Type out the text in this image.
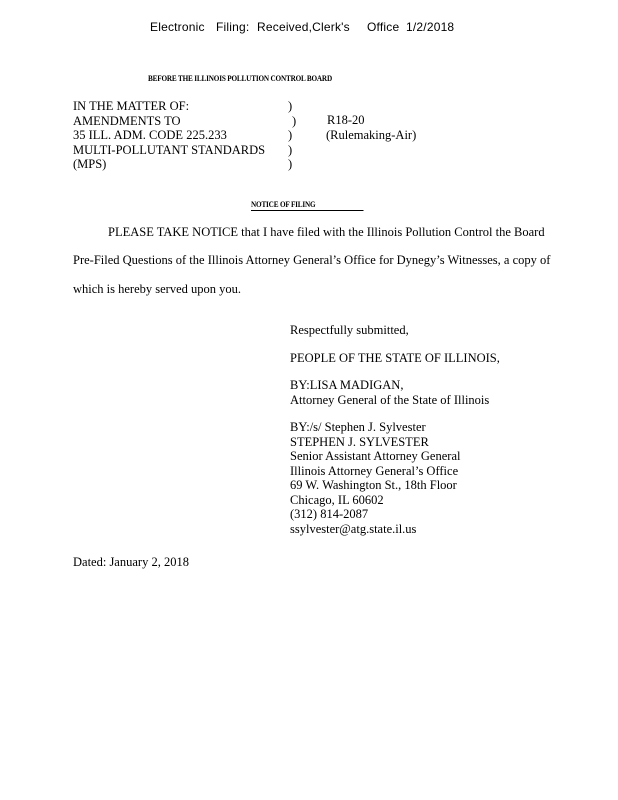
Electronic Filing: Received,Clerk's Office 1/2/2018
BEFORE THE ILLINOIS POLLUTION CONTROL BOARD
IN THE MATTER OF:
AMENDMENTS TO
35 ILL. ADM. CODE 225.233
MULTI-POLLUTANT STANDARDS
(MPS)
)
)
)
)
)
R18-20
(Rulemaking-Air)
NOTICE OF FILING
PLEASE TAKE NOTICE that I have filed with the Illinois Pollution Control the Board
Pre-Filed Questions of the Illinois Attorney General’s Office for Dynegy’s Witnesses, a copy of
which is hereby served upon you.
Respectfully submitted,
PEOPLE OF THE STATE OF ILLINOIS,
BY:LISA MADIGAN,
Attorney General of the State of Illinois
BY:/s/ Stephen J. Sylvester
STEPHEN J. SYLVESTER
Senior Assistant Attorney General
Illinois Attorney General’s Office
69 W. Washington St., 18th Floor
Chicago, IL 60602
(312) 814-2087
ssylvester@atg.state.il.us
Dated: January 2, 2018
